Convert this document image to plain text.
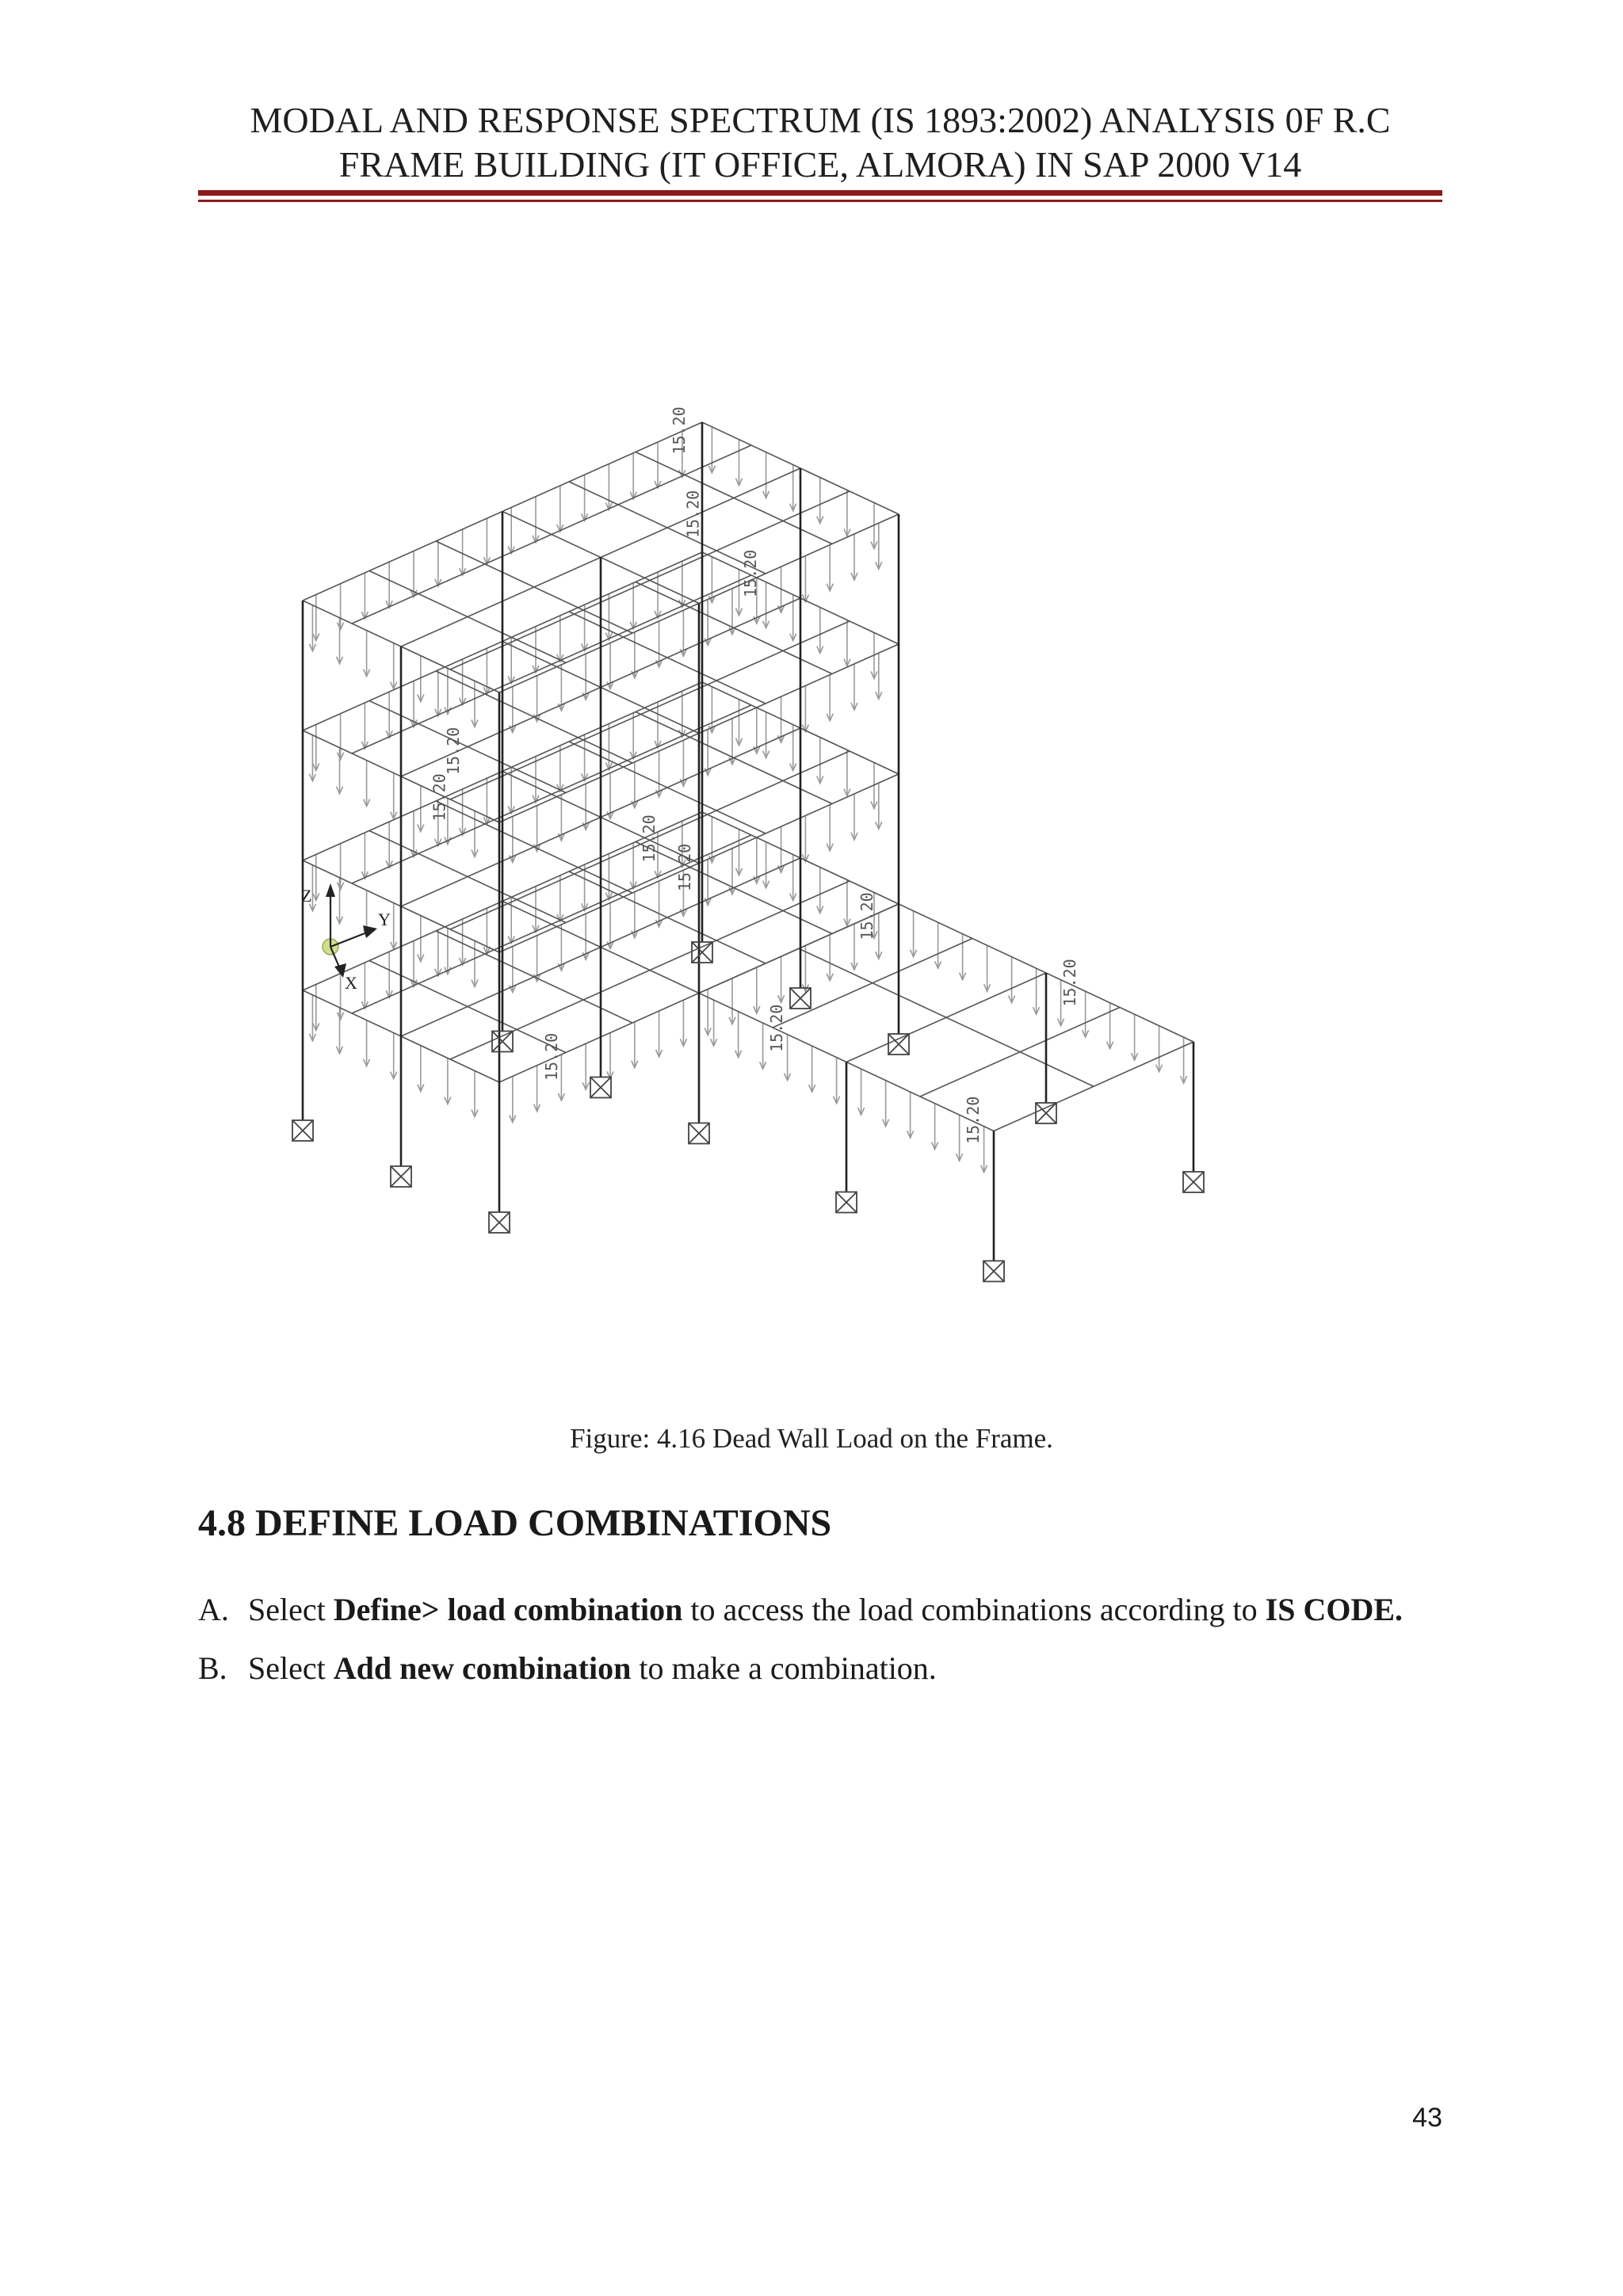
MODAL AND RESPONSE SPECTRUM (IS 1893:2002) ANALYSIS 0F R.C
FRAME BUILDING (IT OFFICE, ALMORA) IN SAP 2000 V14
15.20
15.20
15.20
15.20
15.20
15.20
15.20
15.20
15.20
15.20
15.20
15.20
Z
Y
X
Figure: 4.16 Dead Wall Load on the Frame.
4.8 DEFINE LOAD COMBINATIONS
A. Select Define> load combination to access the load combinations according to IS CODE.
B. Select Add new combination to make a combination.
43
